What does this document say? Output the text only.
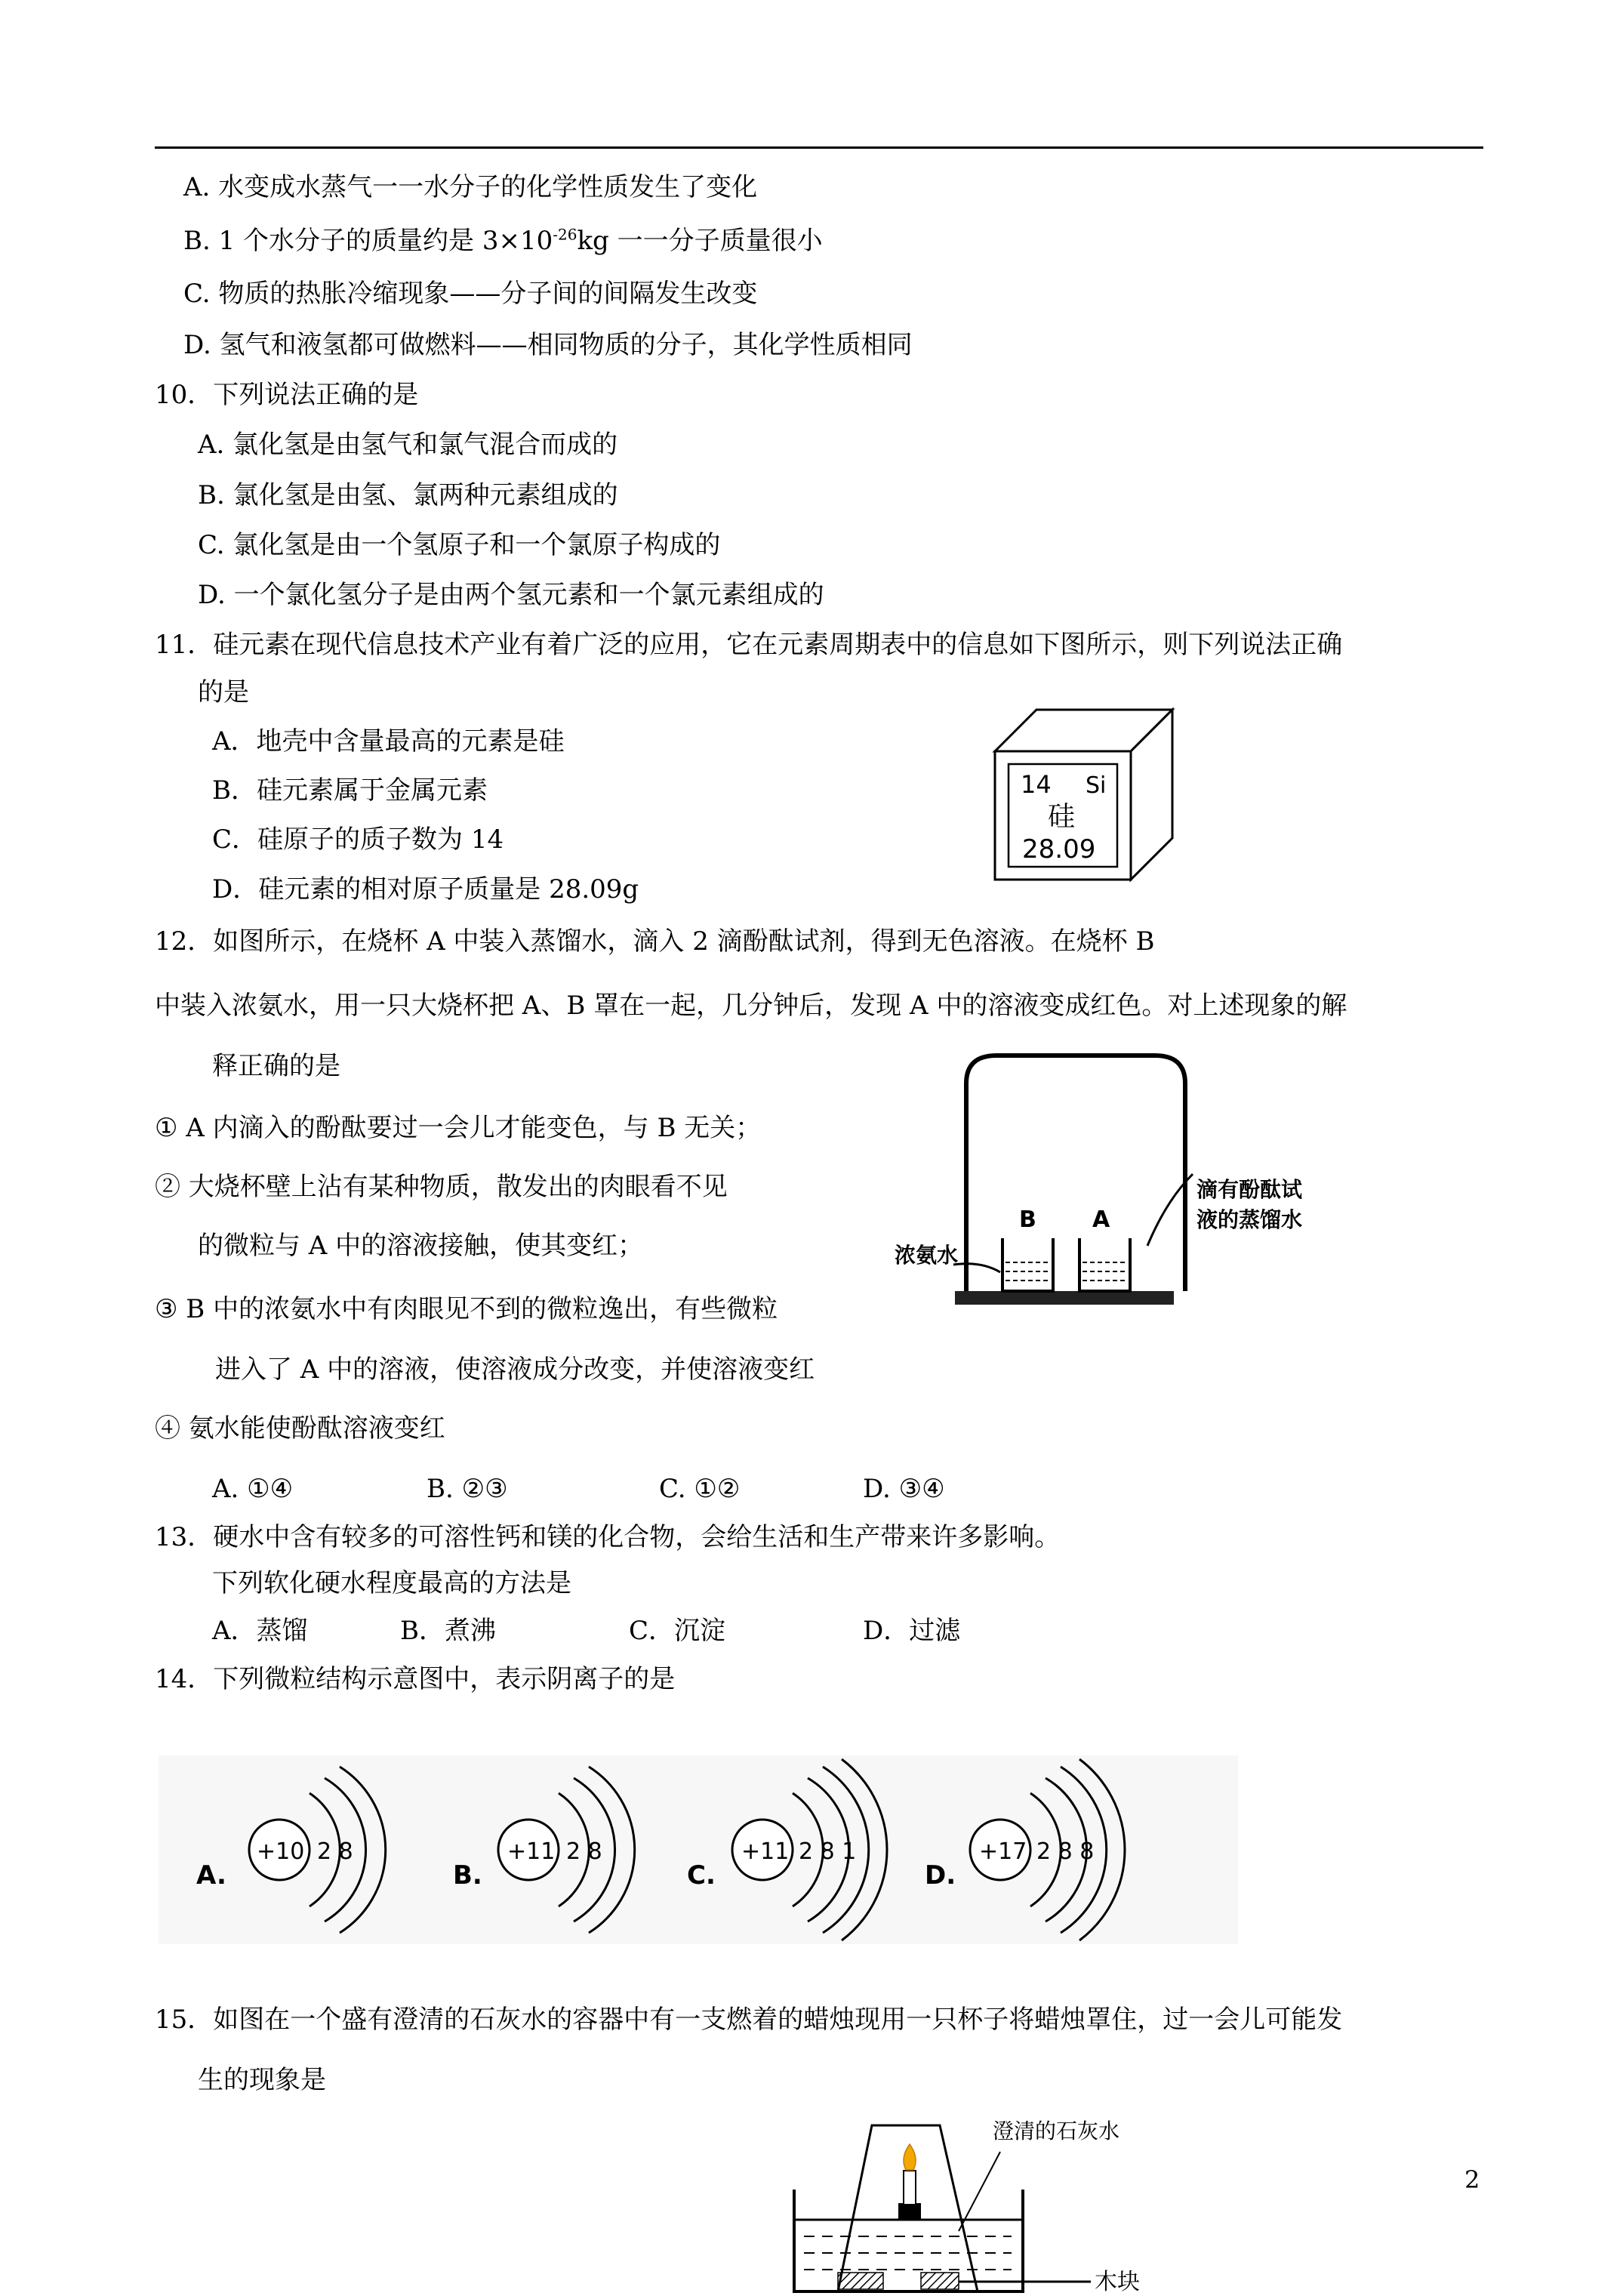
A. 水变成水蒸气一一水分子的化学性质发生了变化
B. 1 个水分子的质量约是 $3\times 10^{-26}kg$ 一一分子质量很小
C. 物质的热胀冷缩现象——分子间的间隔发生改变
D. 氢气和液氢都可做燃料——相同物质的分子，其化学性质相同
10．下列说法正确的是
A. 氯化氢是由氢气和氯气混合而成的
B. 氯化氢是由氢、氯两种元素组成的
C. 氯化氢是由一个氢原子和一个氯原子构成的
D. 一个氯化氢分子是由两个氢元素和一个氯元素组成的
11．硅元素在现代信息技术产业有着广泛的应用，它在元素周期表中的信息如下图所示，则下列说法正确
的是
A．地壳中含量最高的元素是硅
B．硅元素属于金属元素
C．硅原子的质子数为 14
D．硅元素的相对原子质量是 28.09g
14 Si
硅
28.09
12．如图所示，在烧杯 A 中装入蒸馏水，滴入 2 滴酚酞试剂，得到无色溶液。在烧杯 B
中装入浓氨水，用一只大烧杯把 A、B 罩在一起，几分钟后，发现 A 中的溶液变成红色。对上述现象的解
释正确的是
① A 内滴入的酚酞要过一会儿才能变色，与 B 无关；
② 大烧杯壁上沾有某种物质，散发出的肉眼看不见
的微粒与 A 中的溶液接触，使其变红；
③ B 中的浓氨水中有肉眼见不到的微粒逸出，有些微粒
进入了 A 中的溶液，使溶液成分改变，并使溶液变红
④ 氨水能使酚酞溶液变红
A. ①④	B. ②③	C. ①②	D. ③④
B A
浓氨水
滴有酚酞试
液的蒸馏水
13．硬水中含有较多的可溶性钙和镁的化合物，会给生活和生产带来许多影响。
下列软化硬水程度最高的方法是
A．蒸馏	B．煮沸	C．沉淀	D．过滤
14．下列微粒结构示意图中，表示阴离子的是
A.
+10 2 8
B.
+11 2 8
C.
+11 2 8 1
D.
+17 2 8 8
15．如图在一个盛有澄清的石灰水的容器中有一支燃着的蜡烛现用一只杯子将蜡烛罩住，过一会儿可能发
生的现象是
澄清的石灰水
木块
2
